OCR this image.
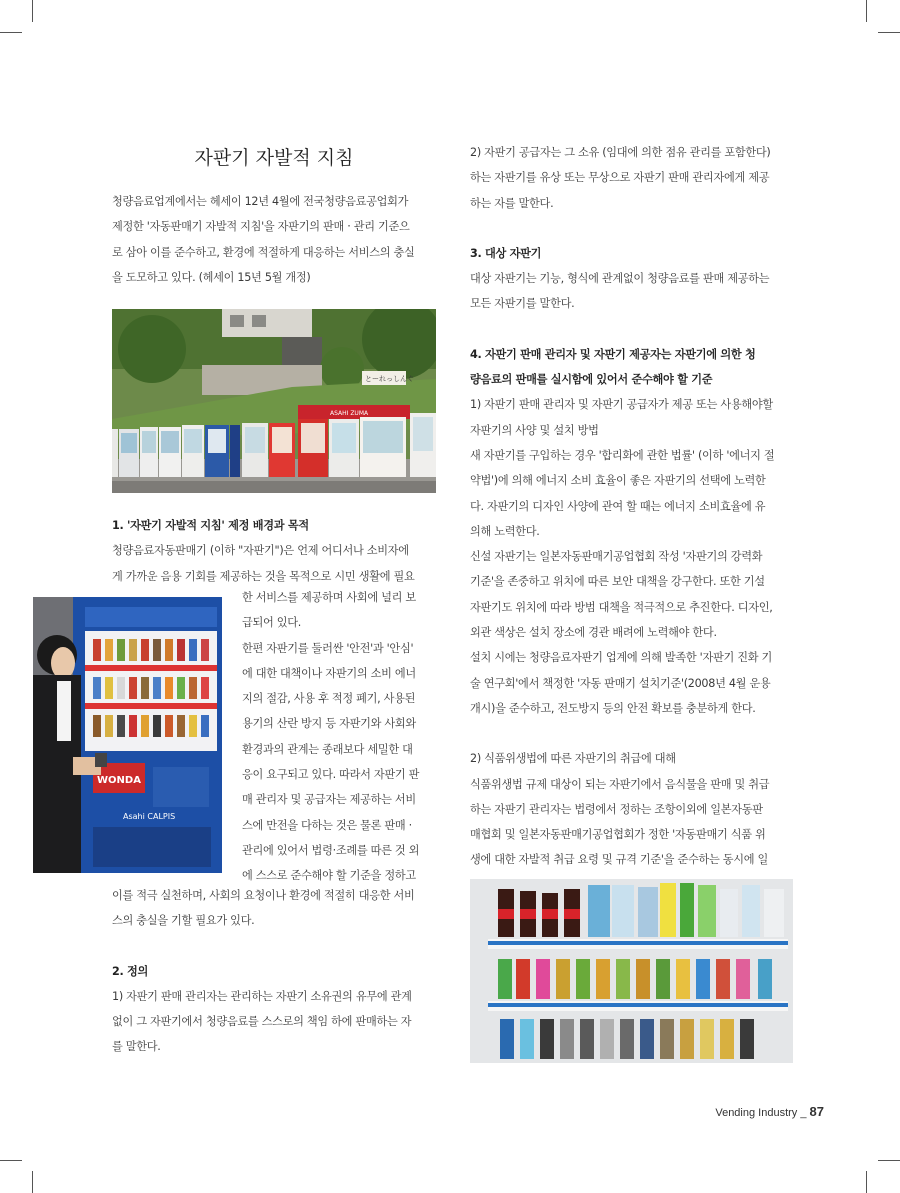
자판기 자발적 지침

청량음료업계에서는 헤세이 12년 4월에 전국청량음료공업회가

제정한 '자동판매기 자발적 지침'을 자판기의 판매 · 관리 기준으

로 삼아 이를 준수하고, 환경에 적절하게 대응하는 서비스의 충실

을 도모하고 있다. (헤세이 15년 5월 개정)

とーれっしんぐ
ASAHI ZUMA

1. '자판기 자발적 지침' 제정 배경과 목적

청량음료자동판매기 (이하 "자판기")은 언제 어디서나 소비자에

게 가까운 음용 기회를 제공하는 것을 목적으로 시민 생활에 필요

WONDA
Asahi CALPIS

한 서비스를 제공하며 사회에 널리 보

급되어 있다.

한편 자판기를 둘러싼 '안전'과 '안심'

에 대한 대책이나 자판기의 소비 에너

지의 절감, 사용 후 적정 폐기, 사용된

용기의 산란 방지 등 자판기와 사회와

환경과의 관계는 종래보다 세밀한 대

응이 요구되고 있다. 따라서 자판기 판

매 관리자 및 공급자는 제공하는 서비

스에 만전을 다하는 것은 물론 판매 ·

관리에 있어서 법령·조례를 따른 것 외

에 스스로 준수해야 할 기준을 정하고

이를 적극 실천하며, 사회의 요청이나 환경에 적절히 대응한 서비

스의 충실을 기할 필요가 있다.

2. 정의

1) 자판기 판매 관리자는 관리하는 자판기 소유권의 유무에 관계

없이 그 자판기에서 청량음료를 스스로의 책임 하에 판매하는 자

를 말한다.

2) 자판기 공급자는 그 소유 (임대에 의한 점유 관리를 포함한다)

하는 자판기를 유상 또는 무상으로 자판기 판매 관리자에게 제공

하는 자를 말한다.

3. 대상 자판기

대상 자판기는 기능, 형식에 관계없이 청량음료를 판매 제공하는

모든 자판기를 말한다.

4. 자판기 판매 관리자 및 자판기 제공자는 자판기에 의한 청

량음료의 판매를 실시함에 있어서 준수해야 할 기준

1) 자판기 판매 관리자 및 자판기 공급자가 제공 또는 사용해야할

자판기의 사양 및 설치 방법

새 자판기를 구입하는 경우 '합리화에 관한 법률' (이하 '에너지 절

약법')에 의해 에너지 소비 효율이 좋은 자판기의 선택에 노력한

다. 자판기의 디자인 사양에 관여 할 때는 에너지 소비효율에 유

의해 노력한다.

신설 자판기는 일본자동판매기공업협회 작성 '자판기의 강력화

기준'을 존중하고 위치에 따른 보안 대책을 강구한다. 또한 기설

자판기도 위치에 따라 방범 대책을 적극적으로 추진한다. 디자인,

외관 색상은 설치 장소에 경관 배려에 노력해야 한다.

설치 시에는 청량음료자판기 업계에 의해 발족한 '자판기 진화 기

술 연구회'에서 책정한 '자동 판매기 설치기준'(2008년 4월 운용

개시)을 준수하고, 전도방지 등의 안전 확보를 충분하게 한다.

2) 식품위생법에 따른 자판기의 취급에 대해

식품위생법 규제 대상이 되는 자판기에서 음식물을 판매 및 취급

하는 자판기 관리자는 법령에서 정하는 조항이외에 일본자동판

매협회 및 일본자동판매기공업협회가 정한 '자동판매기 식품 위

생에 대한 자발적 취급 요령 및 규격 기준'을 준수하는 동시에 일

Vending Industry _ 87
